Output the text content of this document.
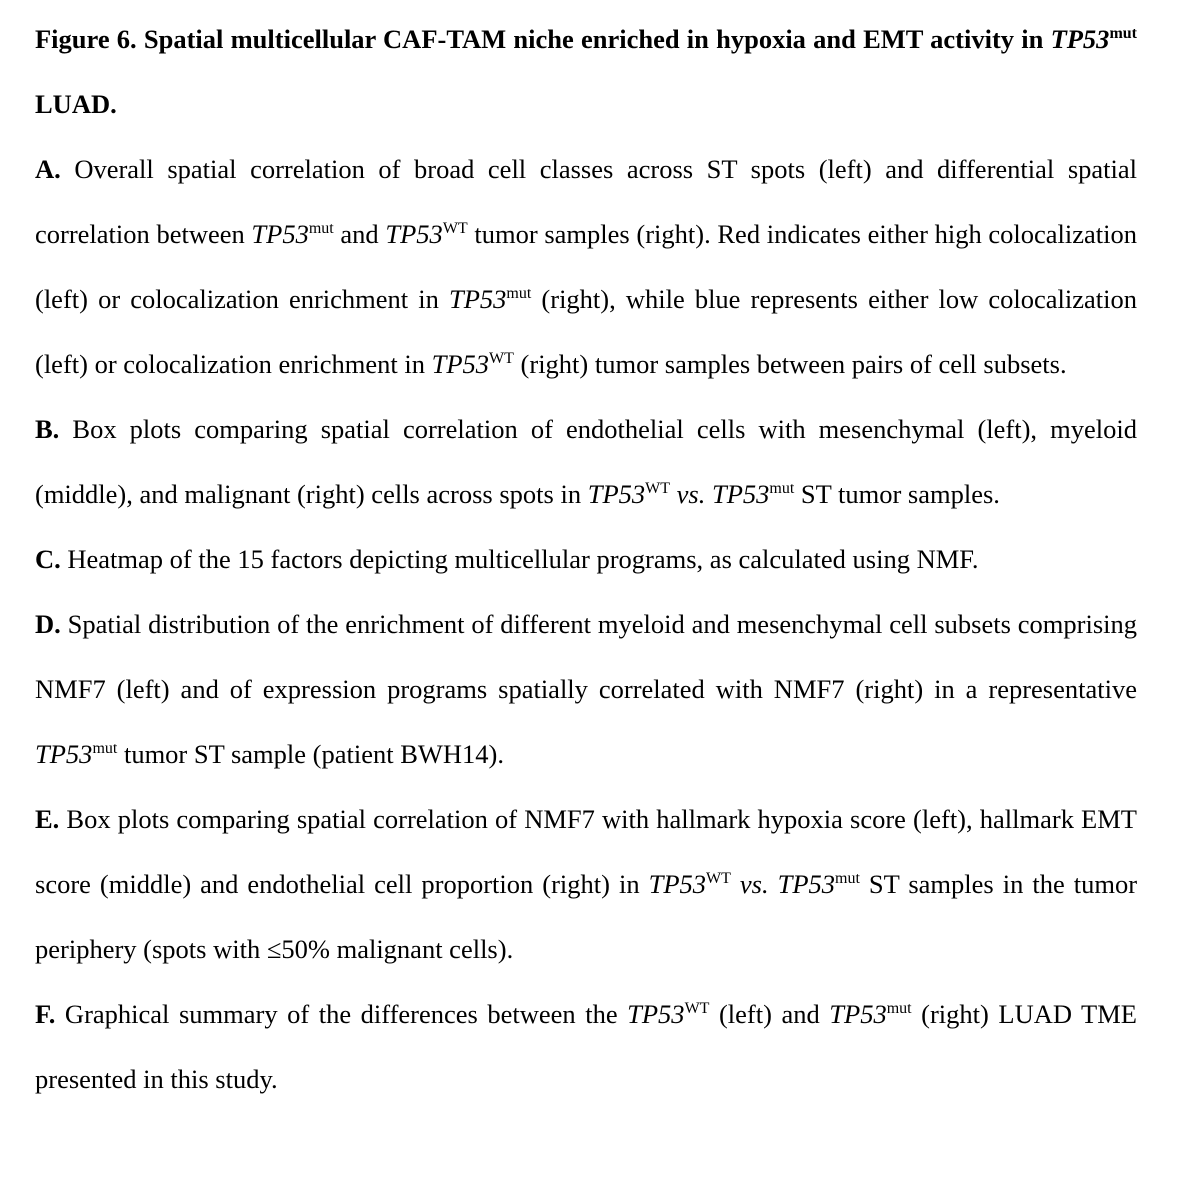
Figure 6. Spatial multicellular CAF-TAM niche enriched in hypoxia and EMT activity in $TP53^{mut}$ LUAD.

A. Overall spatial correlation of broad cell classes across ST spots (left) and differential spatial correlation between $TP53^{mut}$ and $TP53^{WT}$ tumor samples (right). Red indicates either high colocalization (left) or colocalization enrichment in $TP53^{mut}$ (right), while blue represents either low colocalization (left) or colocalization enrichment in $TP53^{WT}$ (right) tumor samples between pairs of cell subsets.

B. Box plots comparing spatial correlation of endothelial cells with mesenchymal (left), myeloid (middle), and malignant (right) cells across spots in $TP53^{WT}$ vs. $TP53^{mut}$ ST tumor samples.

C. Heatmap of the 15 factors depicting multicellular programs, as calculated using NMF.

D. Spatial distribution of the enrichment of different myeloid and mesenchymal cell subsets comprising NMF7 (left) and of expression programs spatially correlated with NMF7 (right) in a representative $TP53^{mut}$ tumor ST sample (patient BWH14).

E. Box plots comparing spatial correlation of NMF7 with hallmark hypoxia score (left), hallmark EMT score (middle) and endothelial cell proportion (right) in $TP53^{WT}$ vs. $TP53^{mut}$ ST samples in the tumor periphery (spots with ≤50% malignant cells).

F. Graphical summary of the differences between the $TP53^{WT}$ (left) and $TP53^{mut}$ (right) LUAD TME presented in this study.
